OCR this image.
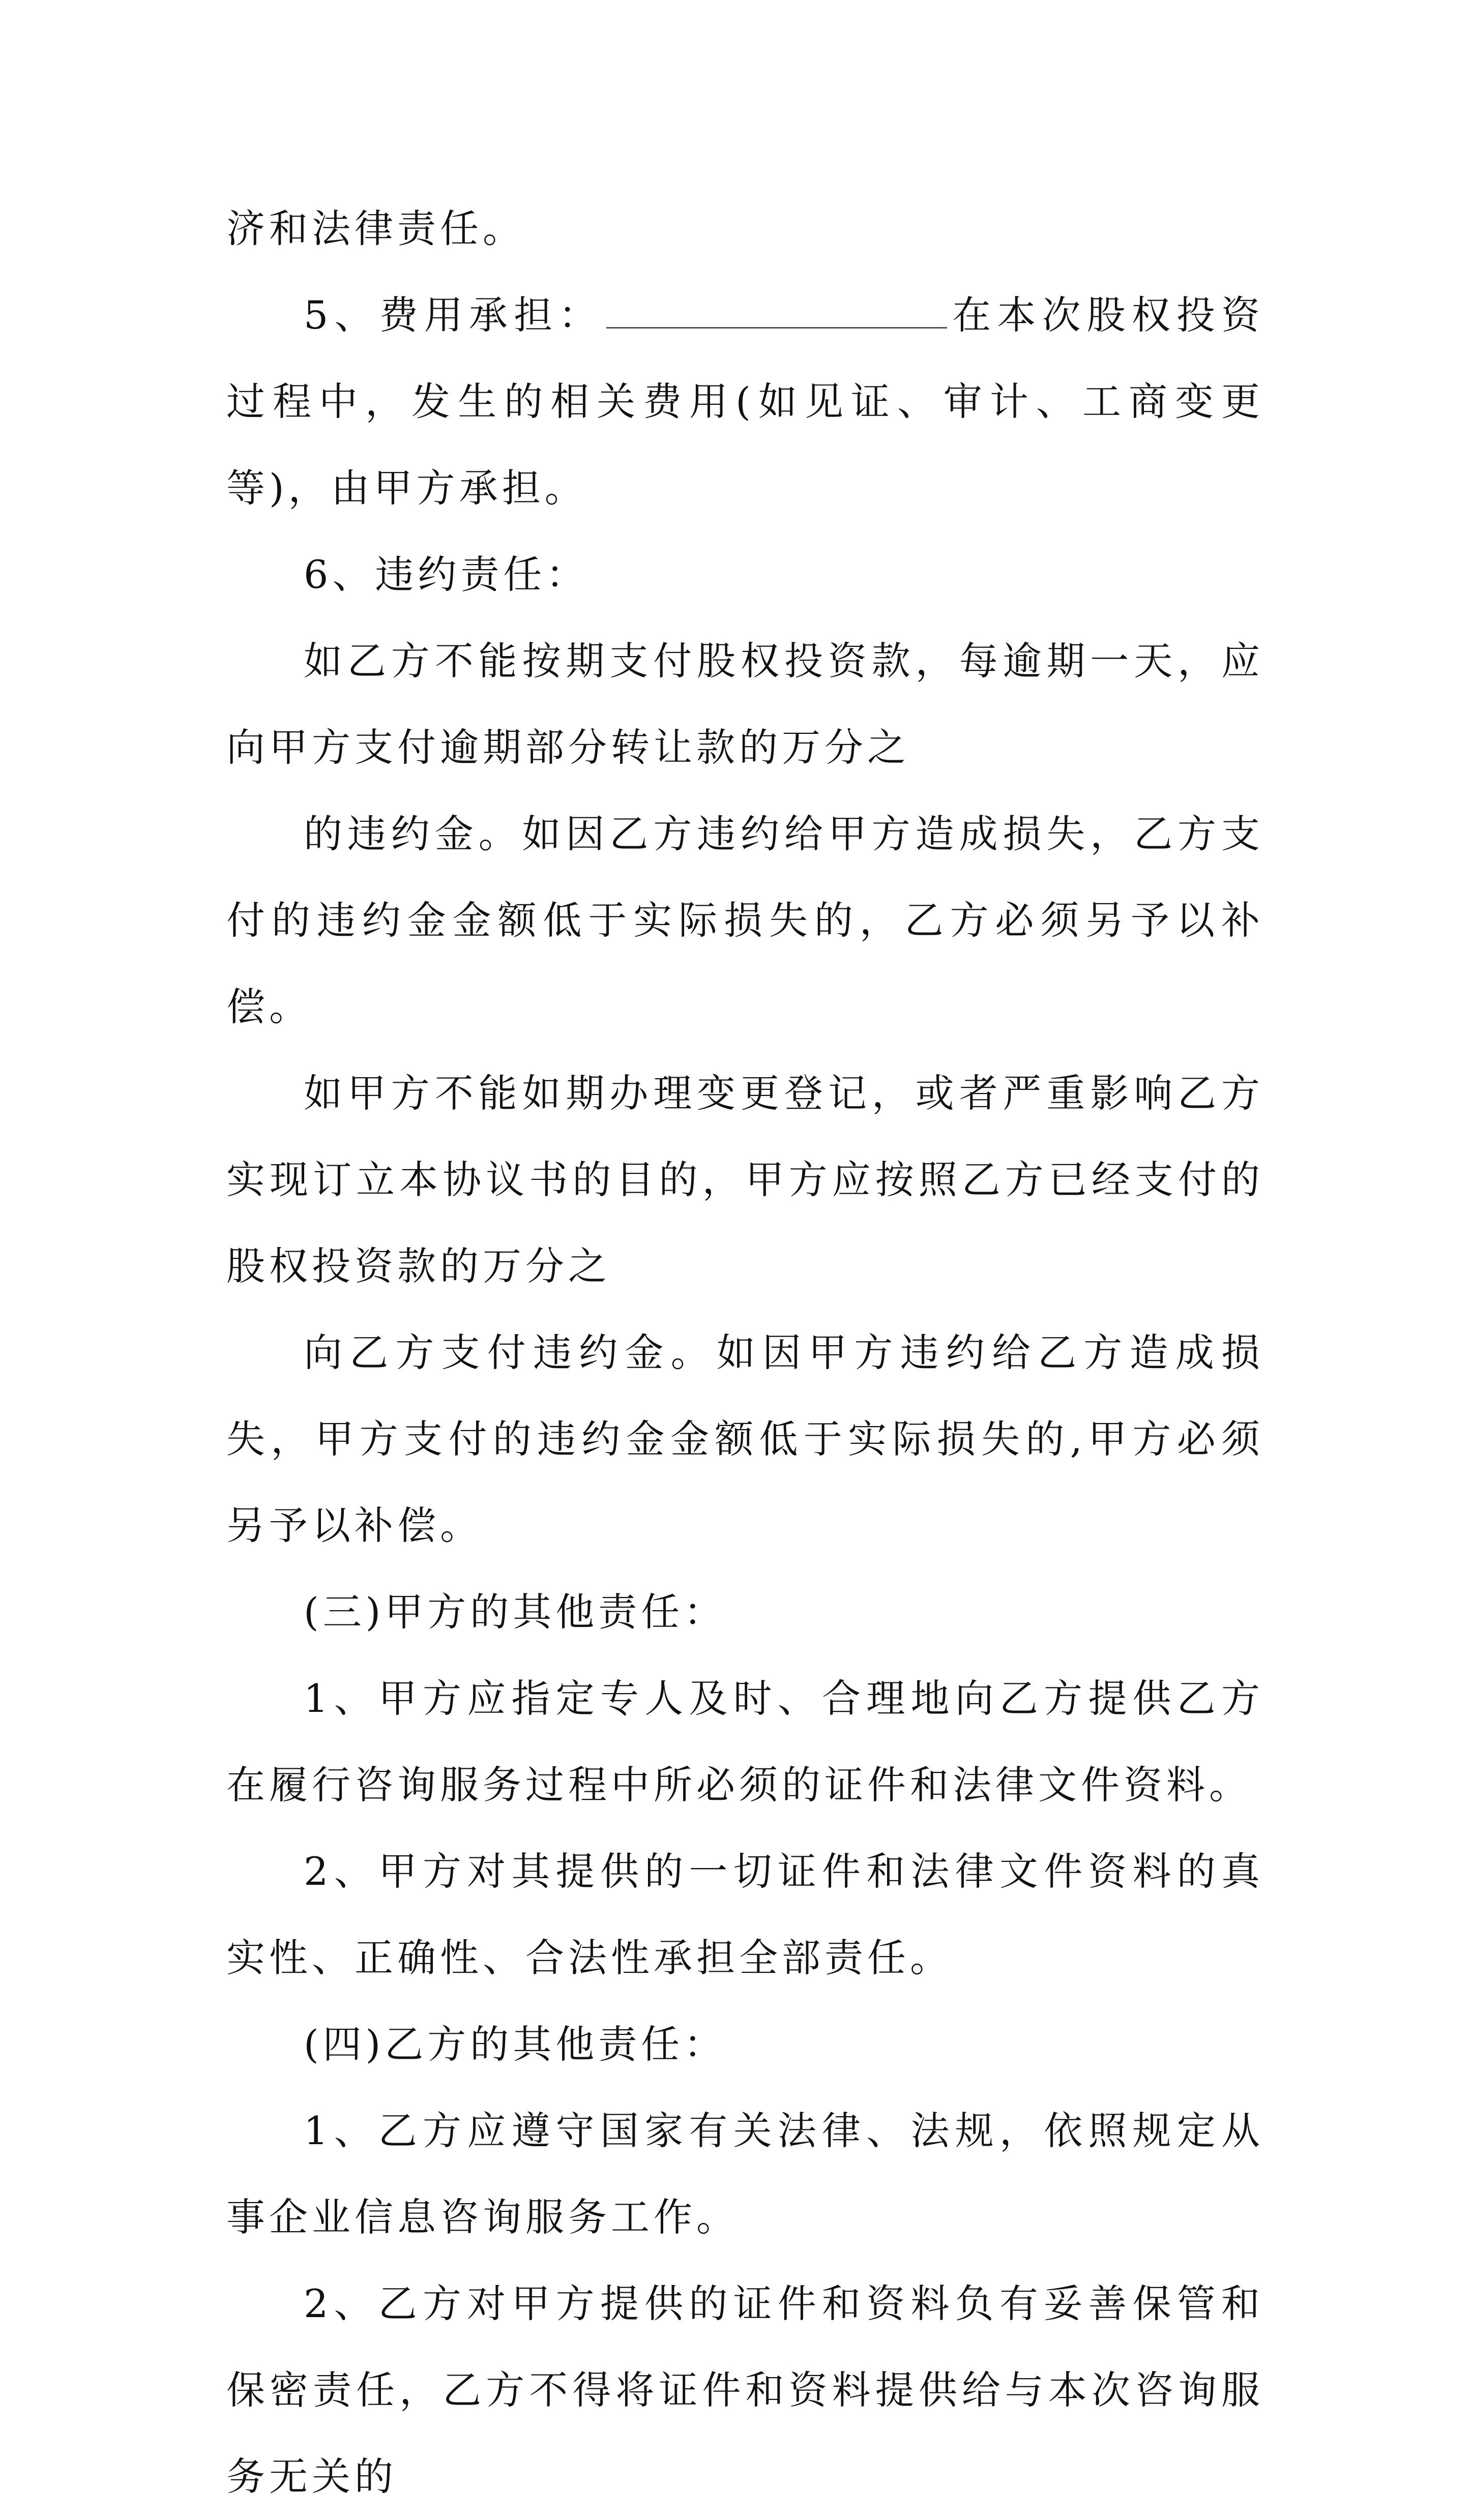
济和法律责任。

5、费用承担：	在本次股权投资过程中，发生的相关费用(如见证、审计、工商变更等)，由甲方承担。

6、违约责任：

如乙方不能按期支付股权投资款，每逾期一天，应向甲方支付逾期部分转让款的万分之

的违约金。如因乙方违约给甲方造成损失，乙方支付的违约金金额低于实际损失的，乙方必须另予以补偿。

如甲方不能如期办理变更登记，或者严重影响乙方实现订立本协议书的目的，甲方应按照乙方已经支付的股权投资款的万分之

向乙方支付违约金。如因甲方违约给乙方造成损失，甲方支付的违约金金额低于实际损失的,甲方必须另予以补偿。

(三)甲方的其他责任：

1、甲方应指定专人及时、合理地向乙方提供乙方在履行咨询服务过程中所必须的证件和法律文件资料。

2、甲方对其提供的一切证件和法律文件资料的真实性、正确性、合法性承担全部责任。

(四)乙方的其他责任：

1、乙方应遵守国家有关法律、法规，依照规定从事企业信息咨询服务工作。

2、乙方对甲方提供的证件和资料负有妥善保管和保密责任，乙方不得将证件和资料提供给与本次咨询服务无关的
